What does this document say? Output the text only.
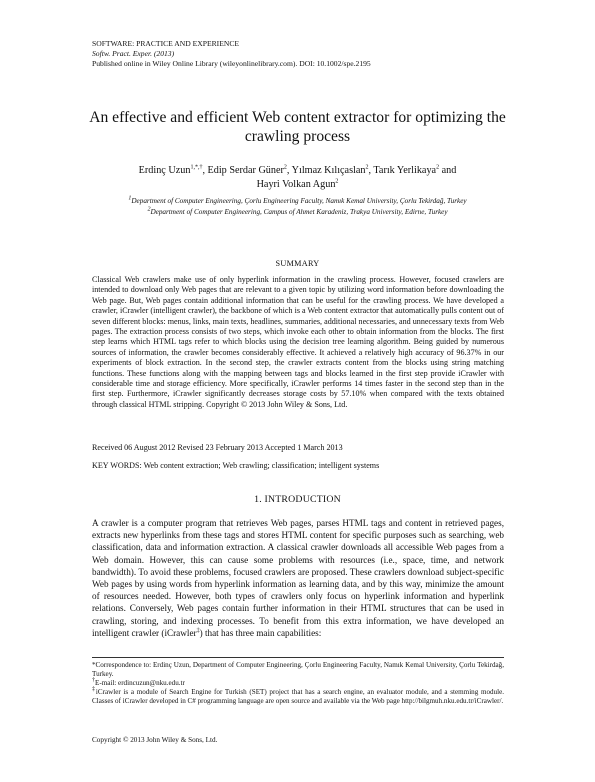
SOFTWARE: PRACTICE AND EXPERIENCE
Softw. Pract. Exper. (2013)
Published online in Wiley Online Library (wileyonlinelibrary.com). DOI: 10.1002/spe.2195
An effective and efficient Web content extractor for optimizing the
crawling process
Erdinç Uzun$^{1,*,\dagger}$, Edip Serdar Güner$^2$, Yılmaz Kılıçaslan$^2$, Tarık Yerlikaya$^2$ and
Hayri Volkan Agun$^2$
$^1$Department of Computer Engineering, Çorlu Engineering Faculty, Namık Kemal University, Çorlu Tekirdağ, Turkey
$^2$Department of Computer Engineering, Campus of Ahmet Karadeniz, Trakya University, Edirne, Turkey
SUMMARY
Classical Web crawlers make use of only hyperlink information in the crawling process. However, focused crawlers are intended to download only Web pages that are relevant to a given topic by utilizing word information before downloading the Web page. But, Web pages contain additional information that can be useful for the crawling process. We have developed a crawler, iCrawler (intelligent crawler), the backbone of which is a Web content extractor that automatically pulls content out of seven different blocks: menus, links, main texts, headlines, summaries, additional necessaries, and unnecessary texts from Web pages. The extraction process consists of two steps, which invoke each other to obtain information from the blocks. The first step learns which HTML tags refer to which blocks using the decision tree learning algorithm. Being guided by numerous sources of information, the crawler becomes considerably effective. It achieved a relatively high accuracy of 96.37% in our experiments of block extraction. In the second step, the crawler extracts content from the blocks using string matching functions. These functions along with the mapping between tags and blocks learned in the first step provide iCrawler with considerable time and storage efficiency. More specifically, iCrawler performs 14 times faster in the second step than in the first step. Furthermore, iCrawler significantly decreases storage costs by 57.10% when compared with the texts obtained through classical HTML stripping. Copyright © 2013 John Wiley & Sons, Ltd.
Received 06 August 2012 Revised 23 February 2013 Accepted 1 March 2013
KEY WORDS: Web content extraction; Web crawling; classification; intelligent systems
1. INTRODUCTION
A crawler is a computer program that retrieves Web pages, parses HTML tags and content in retrieved pages, extracts new hyperlinks from these tags and stores HTML content for specific purposes such as searching, web classification, data and information extraction. A classical crawler downloads all accessible Web pages from a Web domain. However, this can cause some problems with resources (i.e., space, time, and network bandwidth). To avoid these problems, focused crawlers are proposed. These crawlers download subject-specific Web pages by using words from hyperlink information as learning data, and by this way, minimize the amount of resources needed. However, both types of crawlers only focus on hyperlink information and hyperlink relations. Conversely, Web pages contain further information in their HTML structures that can be used in crawling, storing, and indexing processes. To benefit from this extra information, we have developed an intelligent crawler (iCrawler‡) that has three main capabilities:

*Correspondence to: Erdinç Uzun, Department of Computer Engineering, Çorlu Engineering Faculty, Namık Kemal University, Çorlu Tekirdağ, Turkey.

†E-mail: erdincuzun@nku.edu.tr

‡iCrawler is a module of Search Engine for Turkish (SET) project that has a search engine, an evaluator module, and a stemming module. Classes of iCrawler developed in C# programming language are open source and available via the Web page http://bilgmuh.nku.edu.tr/iCrawler/.

Copyright © 2013 John Wiley & Sons, Ltd.
